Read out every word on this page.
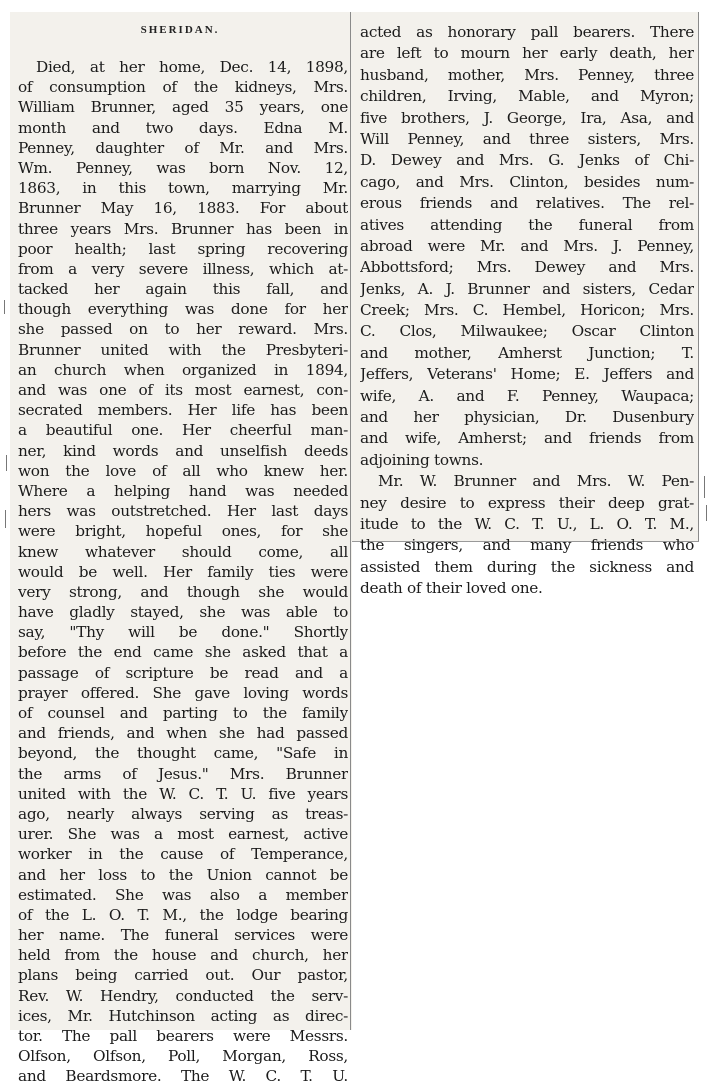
SHERIDAN.
Died, at her home, Dec. 14, 1898,
of consumption of the kidneys, Mrs.
William Brunner, aged 35 years, one
month and two days. Edna M.
Penney, daughter of Mr. and Mrs.
Wm. Penney, was born Nov. 12,
1863, in this town, marrying Mr.
Brunner May 16, 1883. For about
three years Mrs. Brunner has been in
poor health; last spring recovering
from a very severe illness, which at-
tacked her again this fall, and
though everything was done for her
she passed on to her reward. Mrs.
Brunner united with the Presbyteri-
an church when organized in 1894,
and was one of its most earnest, con-
secrated members. Her life has been
a beautiful one. Her cheerful man-
ner, kind words and unselfish deeds
won the love of all who knew her.
Where a helping hand was needed
hers was outstretched. Her last days
were bright, hopeful ones, for she
knew whatever should come, all
would be well. Her family ties were
very strong, and though she would
have gladly stayed, she was able to
say, "Thy will be done." Shortly
before the end came she asked that a
passage of scripture be read and a
prayer offered. She gave loving words
of counsel and parting to the family
and friends, and when she had passed
beyond, the thought came, "Safe in
the arms of Jesus." Mrs. Brunner
united with the W. C. T. U. five years
ago, nearly always serving as treas-
urer. She was a most earnest, active
worker in the cause of Temperance,
and her loss to the Union cannot be
estimated. She was also a member
of the L. O. T. M., the lodge bearing
her name. The funeral services were
held from the house and church, her
plans being carried out. Our pastor,
Rev. W. Hendry, conducted the serv-
ices, Mr. Hutchinson acting as direc-
tor. The pall bearers were Messrs.
Olfson, Olfson, Poll, Morgan, Ross,
and Beardsmore. The W. C. T. U.
acted as honorary pall bearers. There
are left to mourn her early death, her
husband, mother, Mrs. Penney, three
children, Irving, Mable, and Myron;
five brothers, J. George, Ira, Asa, and
Will Penney, and three sisters, Mrs.
D. Dewey and Mrs. G. Jenks of Chi-
cago, and Mrs. Clinton, besides num-
erous friends and relatives. The rel-
atives attending the funeral from
abroad were Mr. and Mrs. J. Penney,
Abbottsford; Mrs. Dewey and Mrs.
Jenks, A. J. Brunner and sisters, Cedar
Creek; Mrs. C. Hembel, Horicon; Mrs.
C. Clos, Milwaukee; Oscar Clinton
and mother, Amherst Junction; T.
Jeffers, Veterans' Home; E. Jeffers and
wife, A. and F. Penney, Waupaca;
and her physician, Dr. Dusenbury
and wife, Amherst; and friends from
adjoining towns.
Mr. W. Brunner and Mrs. W. Pen-
ney desire to express their deep grat-
itude to the W. C. T. U., L. O. T. M.,
the singers, and many friends who
assisted them during the sickness and
death of their loved one.
